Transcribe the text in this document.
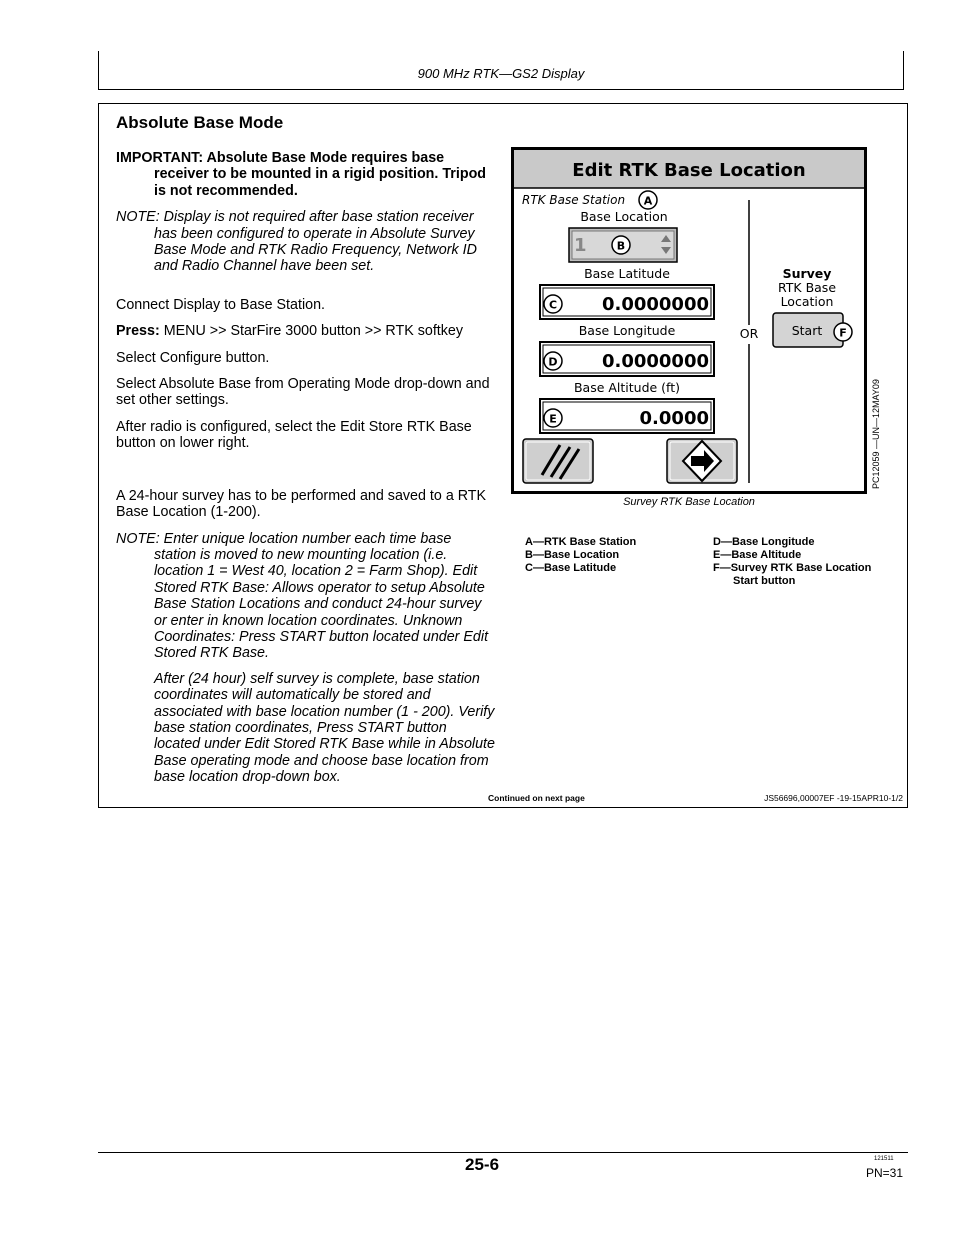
900 MHz RTK—GS2 Display
Absolute Base Mode

IMPORTANT: Absolute Base Mode requires base receiver to be mounted in a rigid position. Tripod is not recommended.

NOTE: Display is not required after base station receiver has been configured to operate in Absolute Survey Base Mode and RTK Radio Frequency, Network ID and Radio Channel have been set.

Connect Display to Base Station.

Press: MENU >> StarFire 3000 button >> RTK softkey

Select Configure button.

Select Absolute Base from Operating Mode drop-down and set other settings.

After radio is configured, select the Edit Store RTK Base button on lower right.

A 24-hour survey has to be performed and saved to a RTK Base Location (1-200).

NOTE: Enter unique location number each time base station is moved to new mounting location (i.e. location 1 = West 40, location 2 = Farm Shop). Edit Stored RTK Base: Allows operator to setup Absolute Base Station Locations and conduct 24-hour survey or enter in known location coordinates. Unknown Coordinates: Press START button located under Edit Stored RTK Base.

After (24 hour) self survey is complete, base station coordinates will automatically be stored and associated with base location number (1 - 200). Verify base station coordinates, Press START button located under Edit Stored RTK Base while in Absolute Base operating mode and choose base location from base location drop-down box.

Edit RTK Base Location
RTK Base Station A
Base Location
1	B
Base Latitude
0.0000000
C
Base Longitude
0.0000000
D
Base Altitude (ft)
0.0000
E
OR
Survey
RTK Base
Location
Start F
PC12059 —UN—12MAY09
Survey RTK Base Location
A—RTK Base Station
B—Base Location
C—Base Latitude
D—Base Longitude
E—Base Altitude
F—Survey RTK Base Location
Start button
Continued on next page	JS56696,00007EF -19-15APR10-1/2
25-6	121511
PN=31
